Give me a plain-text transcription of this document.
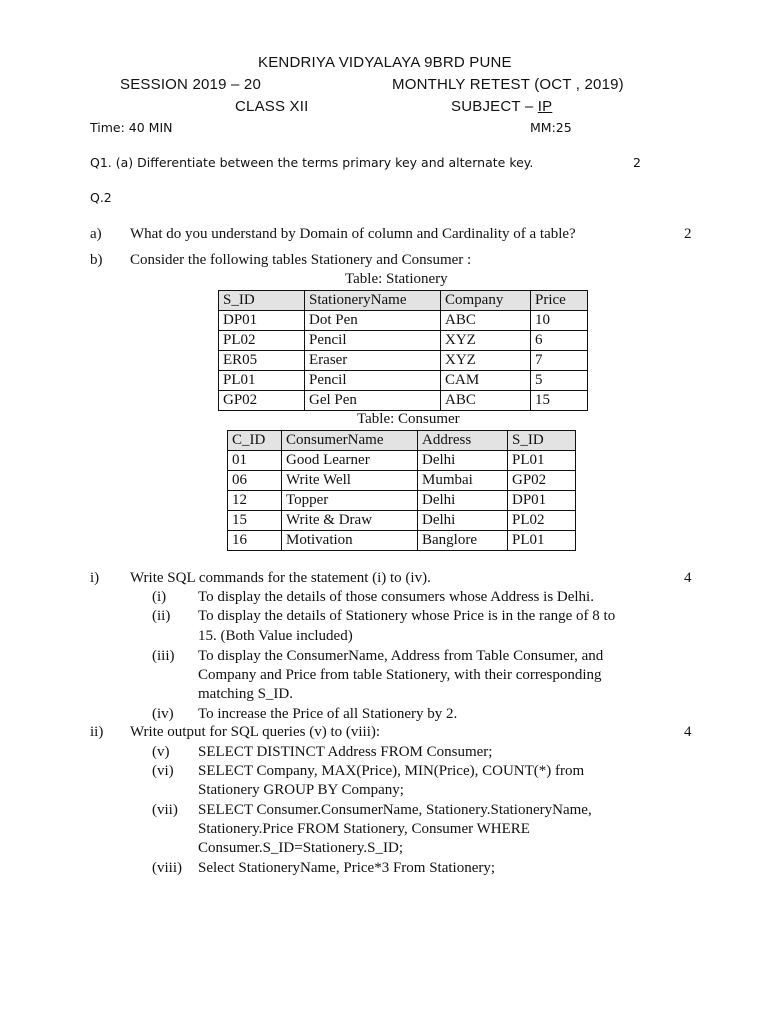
KENDRIYA VIDYALAYA 9BRD PUNE
SESSION 2019 – 20	MONTHLY RETEST (OCT , 2019)
CLASS XII	SUBJECT – IP
Time: 40 MIN	MM:25
Q1. (a) Differentiate between the terms primary key and alternate key.	2
Q.2
a) What do you understand by Domain of column and Cardinality of a table?	2
b) Consider the following tables Stationery and Consumer :
Table: Stationery
S_ID	StationeryName	Company	Price
DP01	Dot Pen	ABC	10
PL02	Pencil	XYZ	6
ER05	Eraser	XYZ	7
PL01	Pencil	CAM	5
GP02	Gel Pen	ABC	15
Table: Consumer
C_ID	ConsumerName	Address	S_ID
01	Good Learner	Delhi	PL01
06	Write Well	Mumbai	GP02
12	Topper	Delhi	DP01
15	Write & Draw	Delhi	PL02
16	Motivation	Banglore	PL01
i) Write SQL commands for the statement (i) to (iv).	4
(i) To display the details of those consumers whose Address is Delhi.
(ii) To display the details of Stationery whose Price is in the range of 8 to
15. (Both Value included)
(iii) To display the ConsumerName, Address from Table Consumer, and
Company and Price from table Stationery, with their corresponding
matching S_ID.
(iv) To increase the Price of all Stationery by 2.
ii) Write output for SQL queries (v) to (viii):	4
(v) SELECT DISTINCT Address FROM Consumer;
(vi) SELECT Company, MAX(Price), MIN(Price), COUNT(*) from
Stationery GROUP BY Company;
(vii) SELECT Consumer.ConsumerName, Stationery.StationeryName,
Stationery.Price FROM Stationery, Consumer WHERE
Consumer.S_ID=Stationery.S_ID;
(viii) Select StationeryName, Price*3 From Stationery;
